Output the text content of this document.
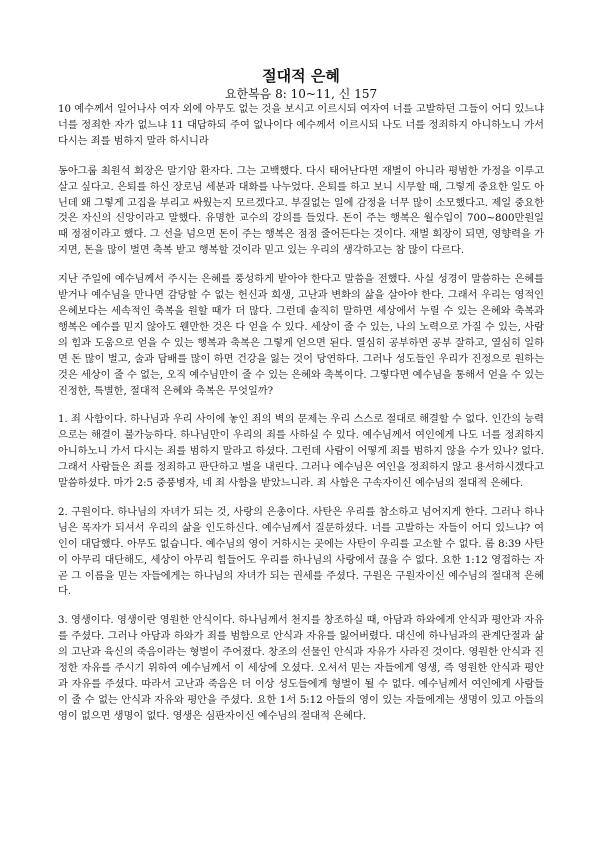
절대적 은혜
요한복음 8: 10~11, 신 157

10 예수께서 일어나사 여자 외에 아무도 없는 것을 보시고 이르시되 여자여 너를 고발하던 그들이 어디 있느냐 너를 정죄한 자가 없느냐 11 대답하되 주여 없나이다 예수께서 이르시되 나도 너를 정죄하지 아니하노니 가서 다시는 죄를 범하지 말라 하시니라

동아그룹 최원석 회장은 말기암 환자다. 그는 고백했다. 다시 태어난다면 재벌이 아니라 평범한 가정을 이루고 살고 싶다고. 은퇴를 하신 장로님 세분과 대화를 나누었다. 은퇴를 하고 보니 시무할 때, 그렇게 중요한 일도 아닌데 왜 그렇게 고집을 부리고 싸웠는지 모르겠다고. 부질없는 일에 감정을 너무 많이 소모했다고. 제일 중요한 것은 자신의 신앙이라고 말했다. 유명한 교수의 강의를 들었다. 돈이 주는 행복은 월수입이 700~800만원일 때 정점이라고 했다. 그 선을 넘으면 돈이 주는 행복은 점점 줄어든다는 것이다. 재벌 회장이 되면, 영향력을 가지면, 돈을 많이 벌면 축복 받고 행복할 것이라 믿고 있는 우리의 생각하고는 참 많이 다르다.

지난 주일에 예수님께서 주시는 은혜를 풍성하게 받아야 한다고 말씀을 전했다. 사실 성경이 말씀하는 은혜를 받거나 예수님을 만나면 감당할 수 없는 헌신과 희생, 고난과 변화의 삶을 살아야 한다. 그래서 우리는 영적인 은혜보다는 세속적인 축복을 원할 때가 더 많다. 그런데 솔직히 말하면 세상에서 누릴 수 있는 은혜와 축복과 행복은 예수를 믿지 않아도 웬만한 것은 다 얻을 수 있다. 세상이 줄 수 있는, 나의 노력으로 가질 수 있는, 사람의 힘과 도움으로 얻을 수 있는 행복과 축복은 그렇게 얻으면 된다. 열심히 공부하면 공부 잘하고, 열심히 일하면 돈 많이 벌고, 술과 담배를 많이 하면 건강을 잃는 것이 당연하다. 그러나 성도들인 우리가 진정으로 원하는 것은 세상이 줄 수 없는, 오직 예수님만이 줄 수 있는 은혜와 축복이다. 그렇다면 예수님을 통해서 얻을 수 있는 진정한, 특별한, 절대적 은혜와 축복은 무엇일까?

1. 죄 사함이다. 하나님과 우리 사이에 놓인 죄의 벽의 문제는 우리 스스로 절대로 해결할 수 없다. 인간의 능력으로는 해결이 불가능하다. 하나님만이 우리의 죄를 사하실 수 있다. 예수님께서 여인에게 나도 너를 정죄하지 아니하노니 가서 다시는 죄를 범하지 말라고 하셨다. 그런데 사람이 어떻게 죄를 범하지 않을 수가 있나? 없다. 그래서 사람들은 죄를 정죄하고 판단하고 벌을 내린다. 그러나 예수님은 여인을 정죄하지 않고 용서하시겠다고 말씀하셨다. 마가 2:5 중풍병자, 네 죄 사함을 받았느니라. 죄 사함은 구속자이신 예수님의 절대적 은혜다.

2. 구원이다. 하나님의 자녀가 되는 것, 사랑의 은총이다. 사탄은 우리를 참소하고 넘어지게 한다. 그러나 하나님은 목자가 되셔서 우리의 삶을 인도하신다. 예수님께서 질문하셨다. 너를 고발하는 자들이 어디 있느냐? 여인이 대답했다. 아무도 없습니다. 예수님의 영이 거하시는 곳에는 사탄이 우리를 고소할 수 없다. 롬 8:39 사탄이 아무리 대단해도, 세상이 아무리 힘들어도 우리를 하나님의 사랑에서 끊을 수 없다. 요한 1:12 영접하는 자 곧 그 이름을 믿는 자들에게는 하나님의 자녀가 되는 권세를 주셨다. 구원은 구원자이신 예수님의 절대적 은혜다.

3. 영생이다. 영생이란 영원한 안식이다. 하나님께서 천지를 창조하실 때, 아담과 하와에게 안식과 평안과 자유를 주셨다. 그러나 아담과 하와가 죄를 범함으로 안식과 자유를 잃어버렸다. 대신에 하나님과의 관계단절과 삶의 고난과 육신의 죽음이라는 형벌이 주어졌다. 창조의 선물인 안식과 자유가 사라진 것이다. 영원한 안식과 진정한 자유를 주시기 위하여 예수님께서 이 세상에 오셨다. 오셔서 믿는 자들에게 영생, 즉 영원한 안식과 평안과 자유를 주셨다. 따라서 고난과 죽음은 더 이상 성도들에게 형벌이 될 수 없다. 예수님께서 여인에게 사람들이 줄 수 없는 안식과 자유와 평안을 주셨다. 요한 1서 5:12 아들의 영이 있는 자들에게는 생명이 있고 아들의 영이 없으면 생명이 없다. 영생은 심판자이신 예수님의 절대적 은혜다.
